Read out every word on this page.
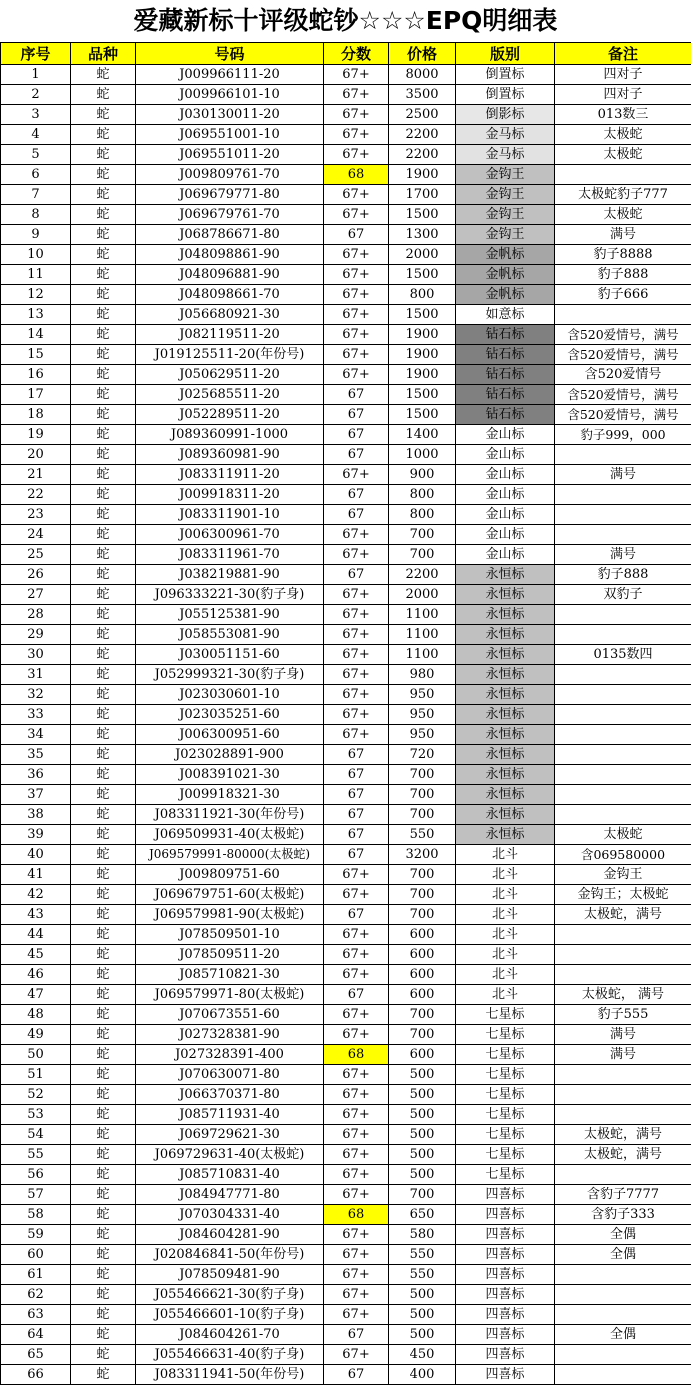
爱藏新标十评级蛇钞☆☆☆EPQ明细表
序号	品种	号码	分数	价格	版别	备注
1	蛇	J009966111-20	67+	8000	倒置标	四对子
2	蛇	J009966101-10	67+	3500	倒置标	四对子
3	蛇	J030130011-20	67+	2500	倒影标	013数三
4	蛇	J069551001-10	67+	2200	金马标	太极蛇
5	蛇	J069551011-20	67+	2200	金马标	太极蛇
6	蛇	J009809761-70	68	1900	金钩王	
7	蛇	J069679771-80	67+	1700	金钩王	太极蛇豹子777
8	蛇	J069679761-70	67+	1500	金钩王	太极蛇
9	蛇	J068786671-80	67	1300	金钩王	满号
10	蛇	J048098861-90	67+	2000	金帆标	豹子8888
11	蛇	J048096881-90	67+	1500	金帆标	豹子888
12	蛇	J048098661-70	67+	800	金帆标	豹子666
13	蛇	J056680921-30	67+	1500	如意标	
14	蛇	J082119511-20	67+	1900	钻石标	含520爱情号，满号
15	蛇	J019125511-20(年份号)	67+	1900	钻石标	含520爱情号，满号
16	蛇	J050629511-20	67+	1900	钻石标	含520爱情号
17	蛇	J025685511-20	67	1500	钻石标	含520爱情号，满号
18	蛇	J052289511-20	67	1500	钻石标	含520爱情号，满号
19	蛇	J089360991-1000	67	1400	金山标	豹子999，000
20	蛇	J089360981-90	67	1000	金山标	
21	蛇	J083311911-20	67+	900	金山标	满号
22	蛇	J009918311-20	67	800	金山标	
23	蛇	J083311901-10	67	800	金山标	
24	蛇	J006300961-70	67+	700	金山标	
25	蛇	J083311961-70	67+	700	金山标	满号
26	蛇	J038219881-90	67	2200	永恒标	豹子888
27	蛇	J096333221-30(豹子身)	67+	2000	永恒标	双豹子
28	蛇	J055125381-90	67+	1100	永恒标	
29	蛇	J058553081-90	67+	1100	永恒标	
30	蛇	J030051151-60	67+	1100	永恒标	0135数四
31	蛇	J052999321-30(豹子身)	67+	980	永恒标	
32	蛇	J023030601-10	67+	950	永恒标	
33	蛇	J023035251-60	67+	950	永恒标	
34	蛇	J006300951-60	67+	950	永恒标	
35	蛇	J023028891-900	67	720	永恒标	
36	蛇	J008391021-30	67	700	永恒标	
37	蛇	J009918321-30	67	700	永恒标	
38	蛇	J083311921-30(年份号)	67	700	永恒标	
39	蛇	J069509931-40(太极蛇)	67	550	永恒标	太极蛇
40	蛇	J069579991-80000(太极蛇)	67	3200	北斗	含069580000
41	蛇	J009809751-60	67+	700	北斗	金钩王
42	蛇	J069679751-60(太极蛇)	67+	700	北斗	金钩王；太极蛇
43	蛇	J069579981-90(太极蛇)	67	700	北斗	太极蛇，满号
44	蛇	J078509501-10	67+	600	北斗	
45	蛇	J078509511-20	67+	600	北斗	
46	蛇	J085710821-30	67+	600	北斗	
47	蛇	J069579971-80(太极蛇)	67	600	北斗	太极蛇， 满号
48	蛇	J070673551-60	67+	700	七星标	豹子555
49	蛇	J027328381-90	67+	700	七星标	满号
50	蛇	J027328391-400	68	600	七星标	满号
51	蛇	J070630071-80	67+	500	七星标	
52	蛇	J066370371-80	67+	500	七星标	
53	蛇	J085711931-40	67+	500	七星标	
54	蛇	J069729621-30	67+	500	七星标	太极蛇，满号
55	蛇	J069729631-40(太极蛇)	67+	500	七星标	太极蛇，满号
56	蛇	J085710831-40	67+	500	七星标	
57	蛇	J084947771-80	67+	700	四喜标	含豹子7777
58	蛇	J070304331-40	68	650	四喜标	含豹子333
59	蛇	J084604281-90	67+	580	四喜标	全偶
60	蛇	J020846841-50(年份号)	67+	550	四喜标	全偶
61	蛇	J078509481-90	67+	550	四喜标	
62	蛇	J055466621-30(豹子身)	67+	500	四喜标	
63	蛇	J055466601-10(豹子身)	67+	500	四喜标	
64	蛇	J084604261-70	67	500	四喜标	全偶
65	蛇	J055466631-40(豹子身)	67+	450	四喜标	
66	蛇	J083311941-50(年份号)	67	400	四喜标	
